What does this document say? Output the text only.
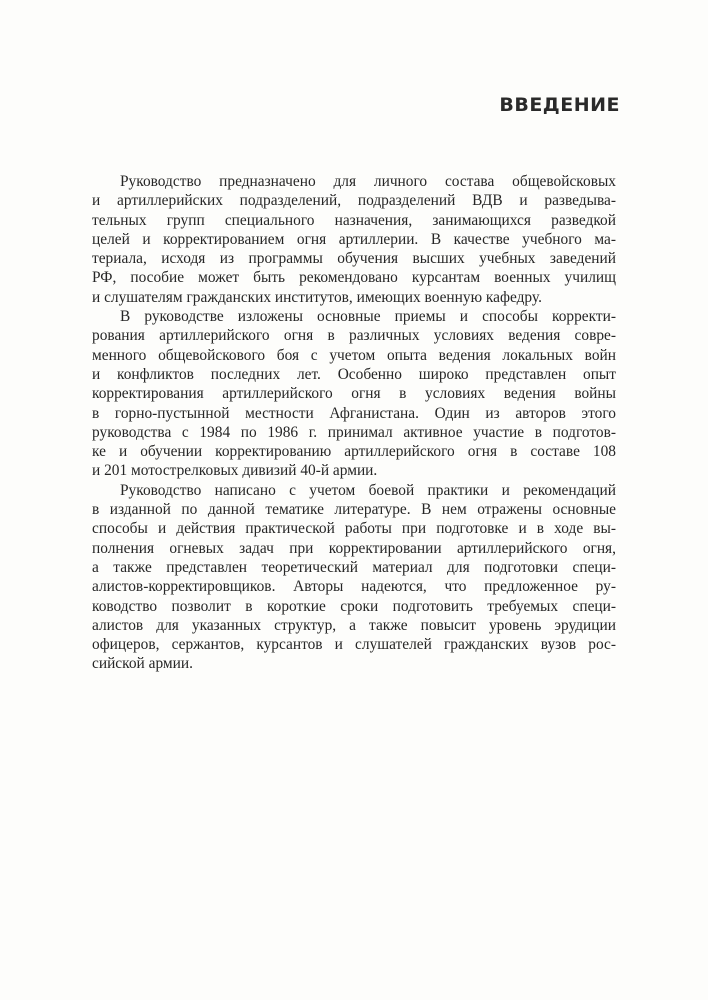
ВВЕДЕНИЕ
Руководство предназначено для личного состава общевойсковых
и артиллерийских подразделений, подразделений ВДВ и разведыва-
тельных групп специального назначения, занимающихся разведкой
целей и корректированием огня артиллерии. В качестве учебного ма-
териала, исходя из программы обучения высших учебных заведений
РФ, пособие может быть рекомендовано курсантам военных училищ
и слушателям гражданских институтов, имеющих военную кафедру.
В руководстве изложены основные приемы и способы корректи-
рования артиллерийского огня в различных условиях ведения совре-
менного общевойскового боя с учетом опыта ведения локальных войн
и конфликтов последних лет. Особенно широко представлен опыт
корректирования артиллерийского огня в условиях ведения войны
в горно-пустынной местности Афганистана. Один из авторов этого
руководства с 1984 по 1986 г. принимал активное участие в подготов-
ке и обучении корректированию артиллерийского огня в составе 108
и 201 мотострелковых дивизий 40-й армии.
Руководство написано с учетом боевой практики и рекомендаций
в изданной по данной тематике литературе. В нем отражены основные
способы и действия практической работы при подготовке и в ходе вы-
полнения огневых задач при корректировании артиллерийского огня,
а также представлен теоретический материал для подготовки специ-
алистов-корректировщиков. Авторы надеются, что предложенное ру-
ководство позволит в короткие сроки подготовить требуемых специ-
алистов для указанных структур, а также повысит уровень эрудиции
офицеров, сержантов, курсантов и слушателей гражданских вузов рос-
сийской армии.
